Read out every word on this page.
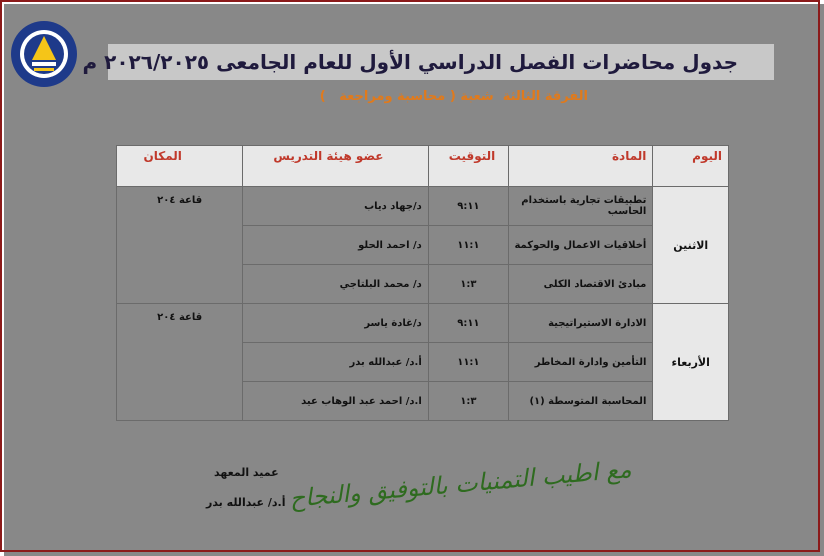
جدول محاضرات الفصل الدراسي الأول للعام الجامعى ٢٠٢٦/٢٠٢٥ م
الفرقة الثالثة  شعبة ( محاسبة ومراجعة   )
اليوم	المادة	التوقيت	عضو هيئة التدريس	المكان
الاثنين	تطبيقات تجارية باستخدام الحاسب	٩:١١	د/جهاد دياب	قاعة ٢٠٤
	أخلاقيات الاعمال والحوكمة	١١:١	د/ احمد الحلو	
	مبادئ الاقتصاد الكلى	١:٣	د/ محمد البلتاجي	
الأربعاء	الادارة الاستيراتيجية	٩:١١	د/غادة ياسر	قاعة ٢٠٤
	التأمين وادارة المخاطر	١١:١	أ.د/ عبدالله بدر	
	المحاسبة المتوسطة (١)	١:٣	ا.د/ احمد عبد الوهاب عيد	
عميد المعهد
أ.د/ عبدالله بدر مع اطيب التمنيات بالتوفيق والنجاح
